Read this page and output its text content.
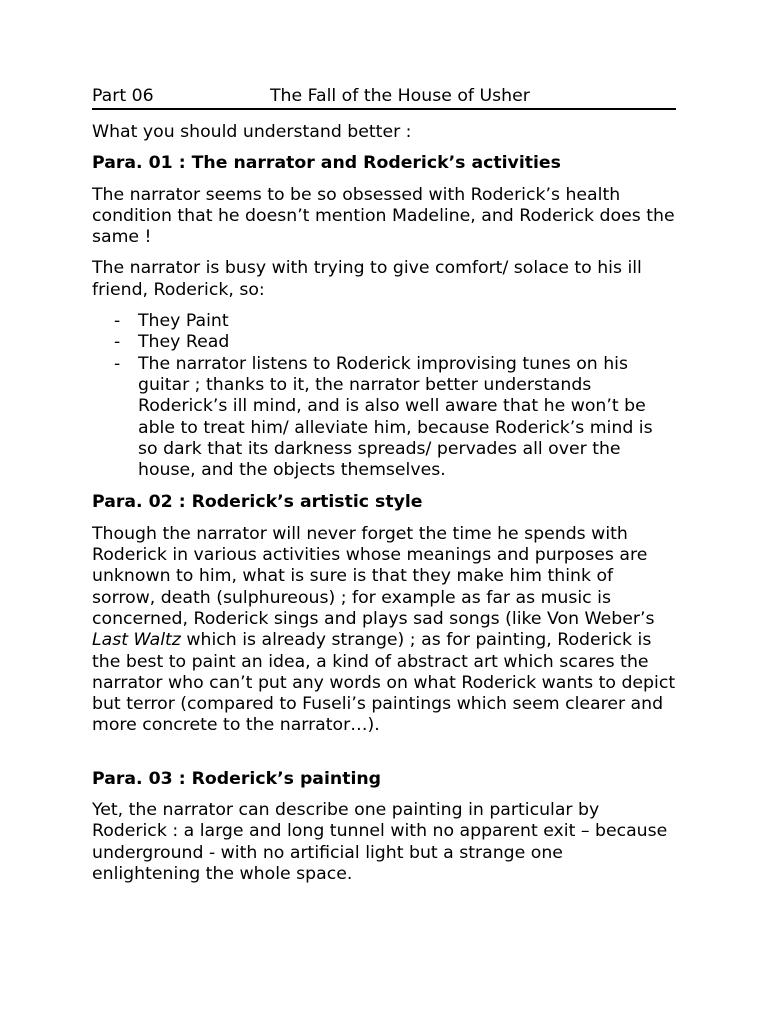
Part 06	The Fall of the House of Usher

What you should understand better :

Para. 01 : The narrator and Roderick’s activities

The narrator seems to be so obsessed with Roderick’s health condition that he doesn’t mention Madeline, and Roderick does the same !

The narrator is busy with trying to give comfort/ solace to his ill friend, Roderick, so:

- They Paint
- They Read
- The narrator listens to Roderick improvising tunes on his guitar ; thanks to it, the narrator better understands Roderick’s ill mind, and is also well aware that he won’t be able to treat him/ alleviate him, because Roderick’s mind is so dark that its darkness spreads/ pervades all over the house, and the objects themselves.

Para. 02 : Roderick’s artistic style

Though the narrator will never forget the time he spends with Roderick in various activities whose meanings and purposes are unknown to him, what is sure is that they make him think of sorrow, death (sulphureous) ; for example as far as music is concerned, Roderick sings and plays sad songs (like Von Weber’s Last Waltz which is already strange) ; as for painting, Roderick is the best to paint an idea, a kind of abstract art which scares the narrator who can’t put any words on what Roderick wants to depict but terror (compared to Fuseli’s paintings which seem clearer and more concrete to the narrator…).

Para. 03 : Roderick’s painting

Yet, the narrator can describe one painting in particular by Roderick : a large and long tunnel with no apparent exit – because underground - with no artificial light but a strange one enlightening the whole space.
